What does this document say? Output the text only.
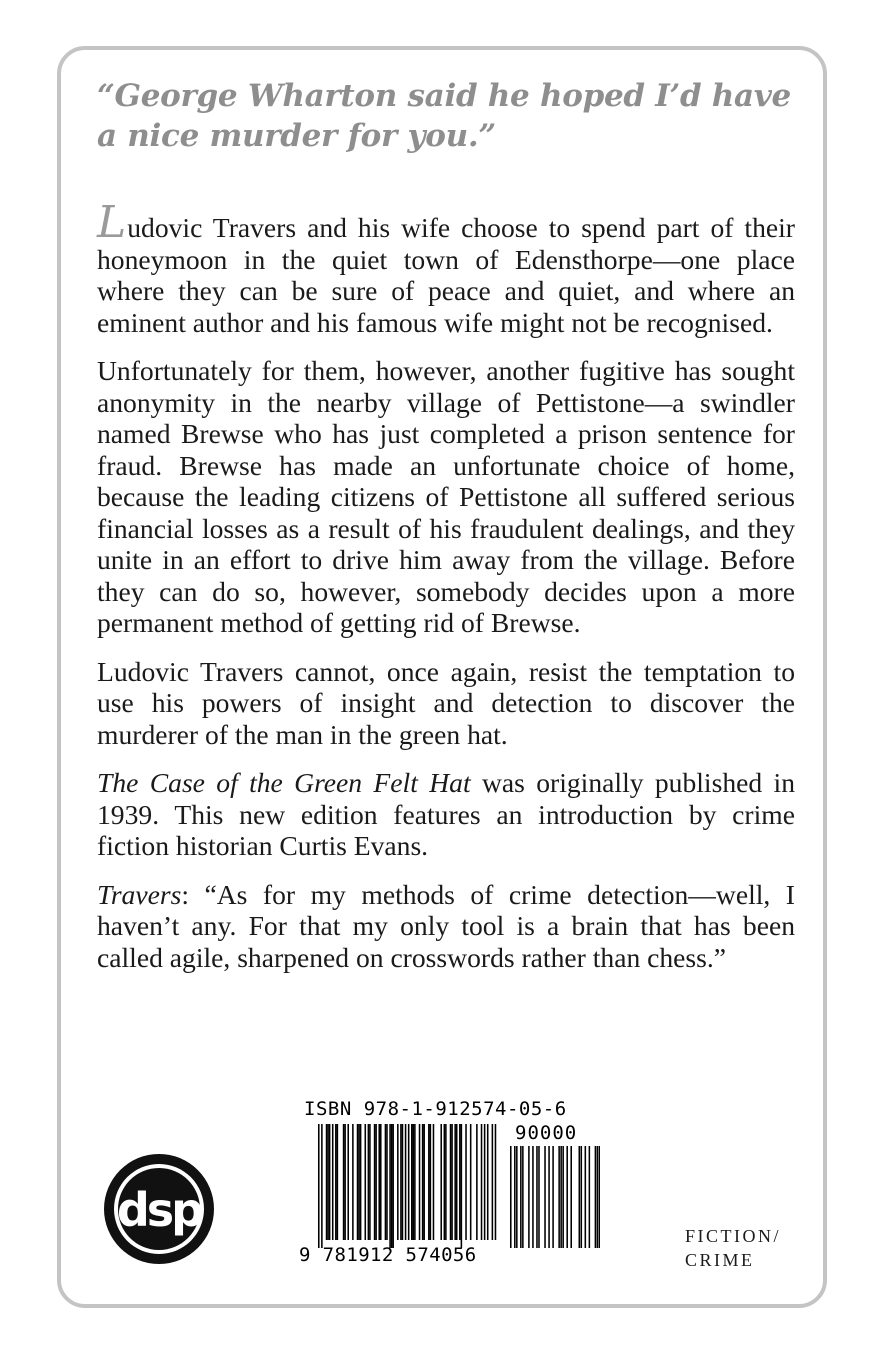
“George Wharton said he hoped I’d have a nice murder for you.”

Ludovic Travers and his wife choose to spend part of their honeymoon in the quiet town of Edensthorpe—one place where they can be sure of peace and quiet, and where an eminent author and his famous wife might not be recognised.

Unfortunately for them, however, another fugitive has sought anonymity in the nearby village of Pettistone—a swindler named Brewse who has just completed a prison sentence for fraud. Brewse has made an unfortunate choice of home, because the leading citizens of Pettistone all suffered serious financial losses as a result of his fraudulent dealings, and they unite in an effort to drive him away from the village. Before they can do so, however, somebody decides upon a more permanent method of getting rid of Brewse.

Ludovic Travers cannot, once again, resist the temptation to use his powers of insight and detection to discover the murderer of the man in the green hat.

The Case of the Green Felt Hat was originally published in 1939. This new edition features an introduction by crime fiction historian Curtis Evans.

Travers: “As for my methods of crime detection—well, I haven’t any. For that my only tool is a brain that has been called agile, sharpened on crosswords rather than chess.”

ISBN 978-1-912574-05-6
90000
9 781912 574056
dsp	FICTION/
CRIME
